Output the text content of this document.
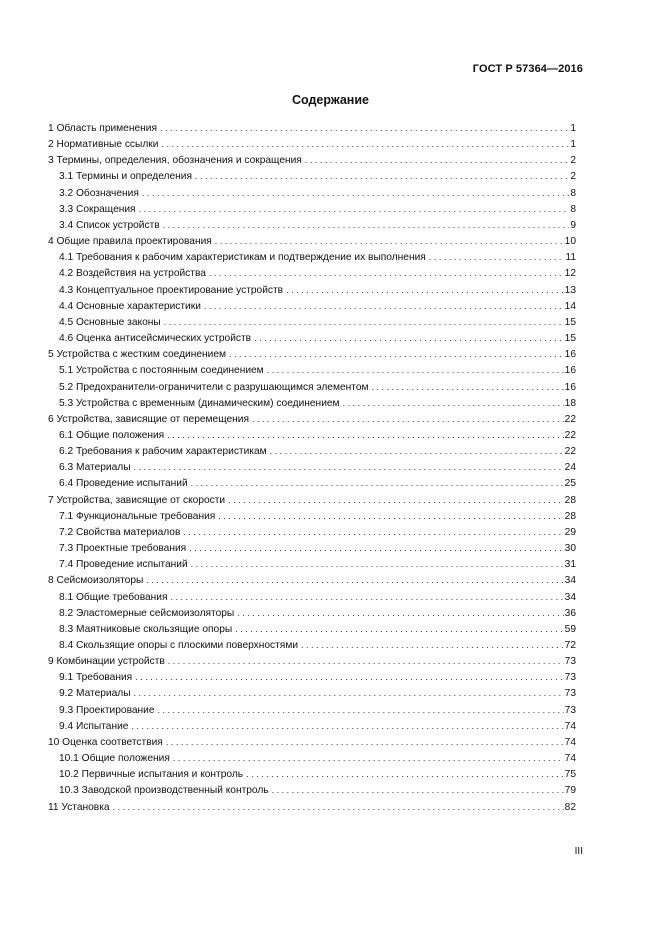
ГОСТ Р 57364—2016
Содержание
1 Область применения . . .	1
2 Нормативные ссылки . . .	1
3 Термины, определения, обозначения и сокращения . . .	2
3.1 Термины и определения . . .	2
3.2 Обозначения . . .	8
3.3 Сокращения . . .	8
3.4 Список устройств . . .	9
4 Общие правила проектирования . . .	10
4.1 Требования к рабочим характеристикам и подтверждение их выполнения . . .	11
4.2 Воздействия на устройства . . .	12
4.3 Концептуальное проектирование устройств . . .	13
4.4 Основные характеристики . . .	14
4.5 Основные законы . . .	15
4.6 Оценка антисейсмических устройств . . .	15
5 Устройства с жестким соединением . . .	16
5.1 Устройства с постоянным соединением . . .	16
5.2 Предохранители-ограничители с разрушающимся элементом . . .	16
5.3 Устройства с временным (динамическим) соединением . . .	18
6 Устройства, зависящие от перемещения . . .	22
6.1 Общие положения . . .	22
6.2 Требования к рабочим характеристикам . . .	22
6.3 Материалы . . .	24
6.4 Проведение испытаний . . .	25
7 Устройства, зависящие от скорости . . .	28
7.1 Функциональные требования . . .	28
7.2 Свойства материалов . . .	29
7.3 Проектные требования . . .	30
7.4 Проведение испытаний . . .	31
8 Сейсмоизоляторы . . .	34
8.1 Общие требования . . .	34
8.2 Эластомерные сейсмоизоляторы . . .	36
8.3 Маятниковые скользящие опоры . . .	59
8.4 Скользящие опоры с плоскими поверхностями . . .	72
9 Комбинации устройств . . .	73
9.1 Требования . . .	73
9.2 Материалы . . .	73
9.3 Проектирование . . .	73
9.4 Испытание . . .	74
10 Оценка соответствия . . .	74
10.1 Общие положения . . .	74
10.2 Первичные испытания и контроль . . .	75
10.3 Заводской производственный контроль . . .	79
11 Установка . . .	82
III
